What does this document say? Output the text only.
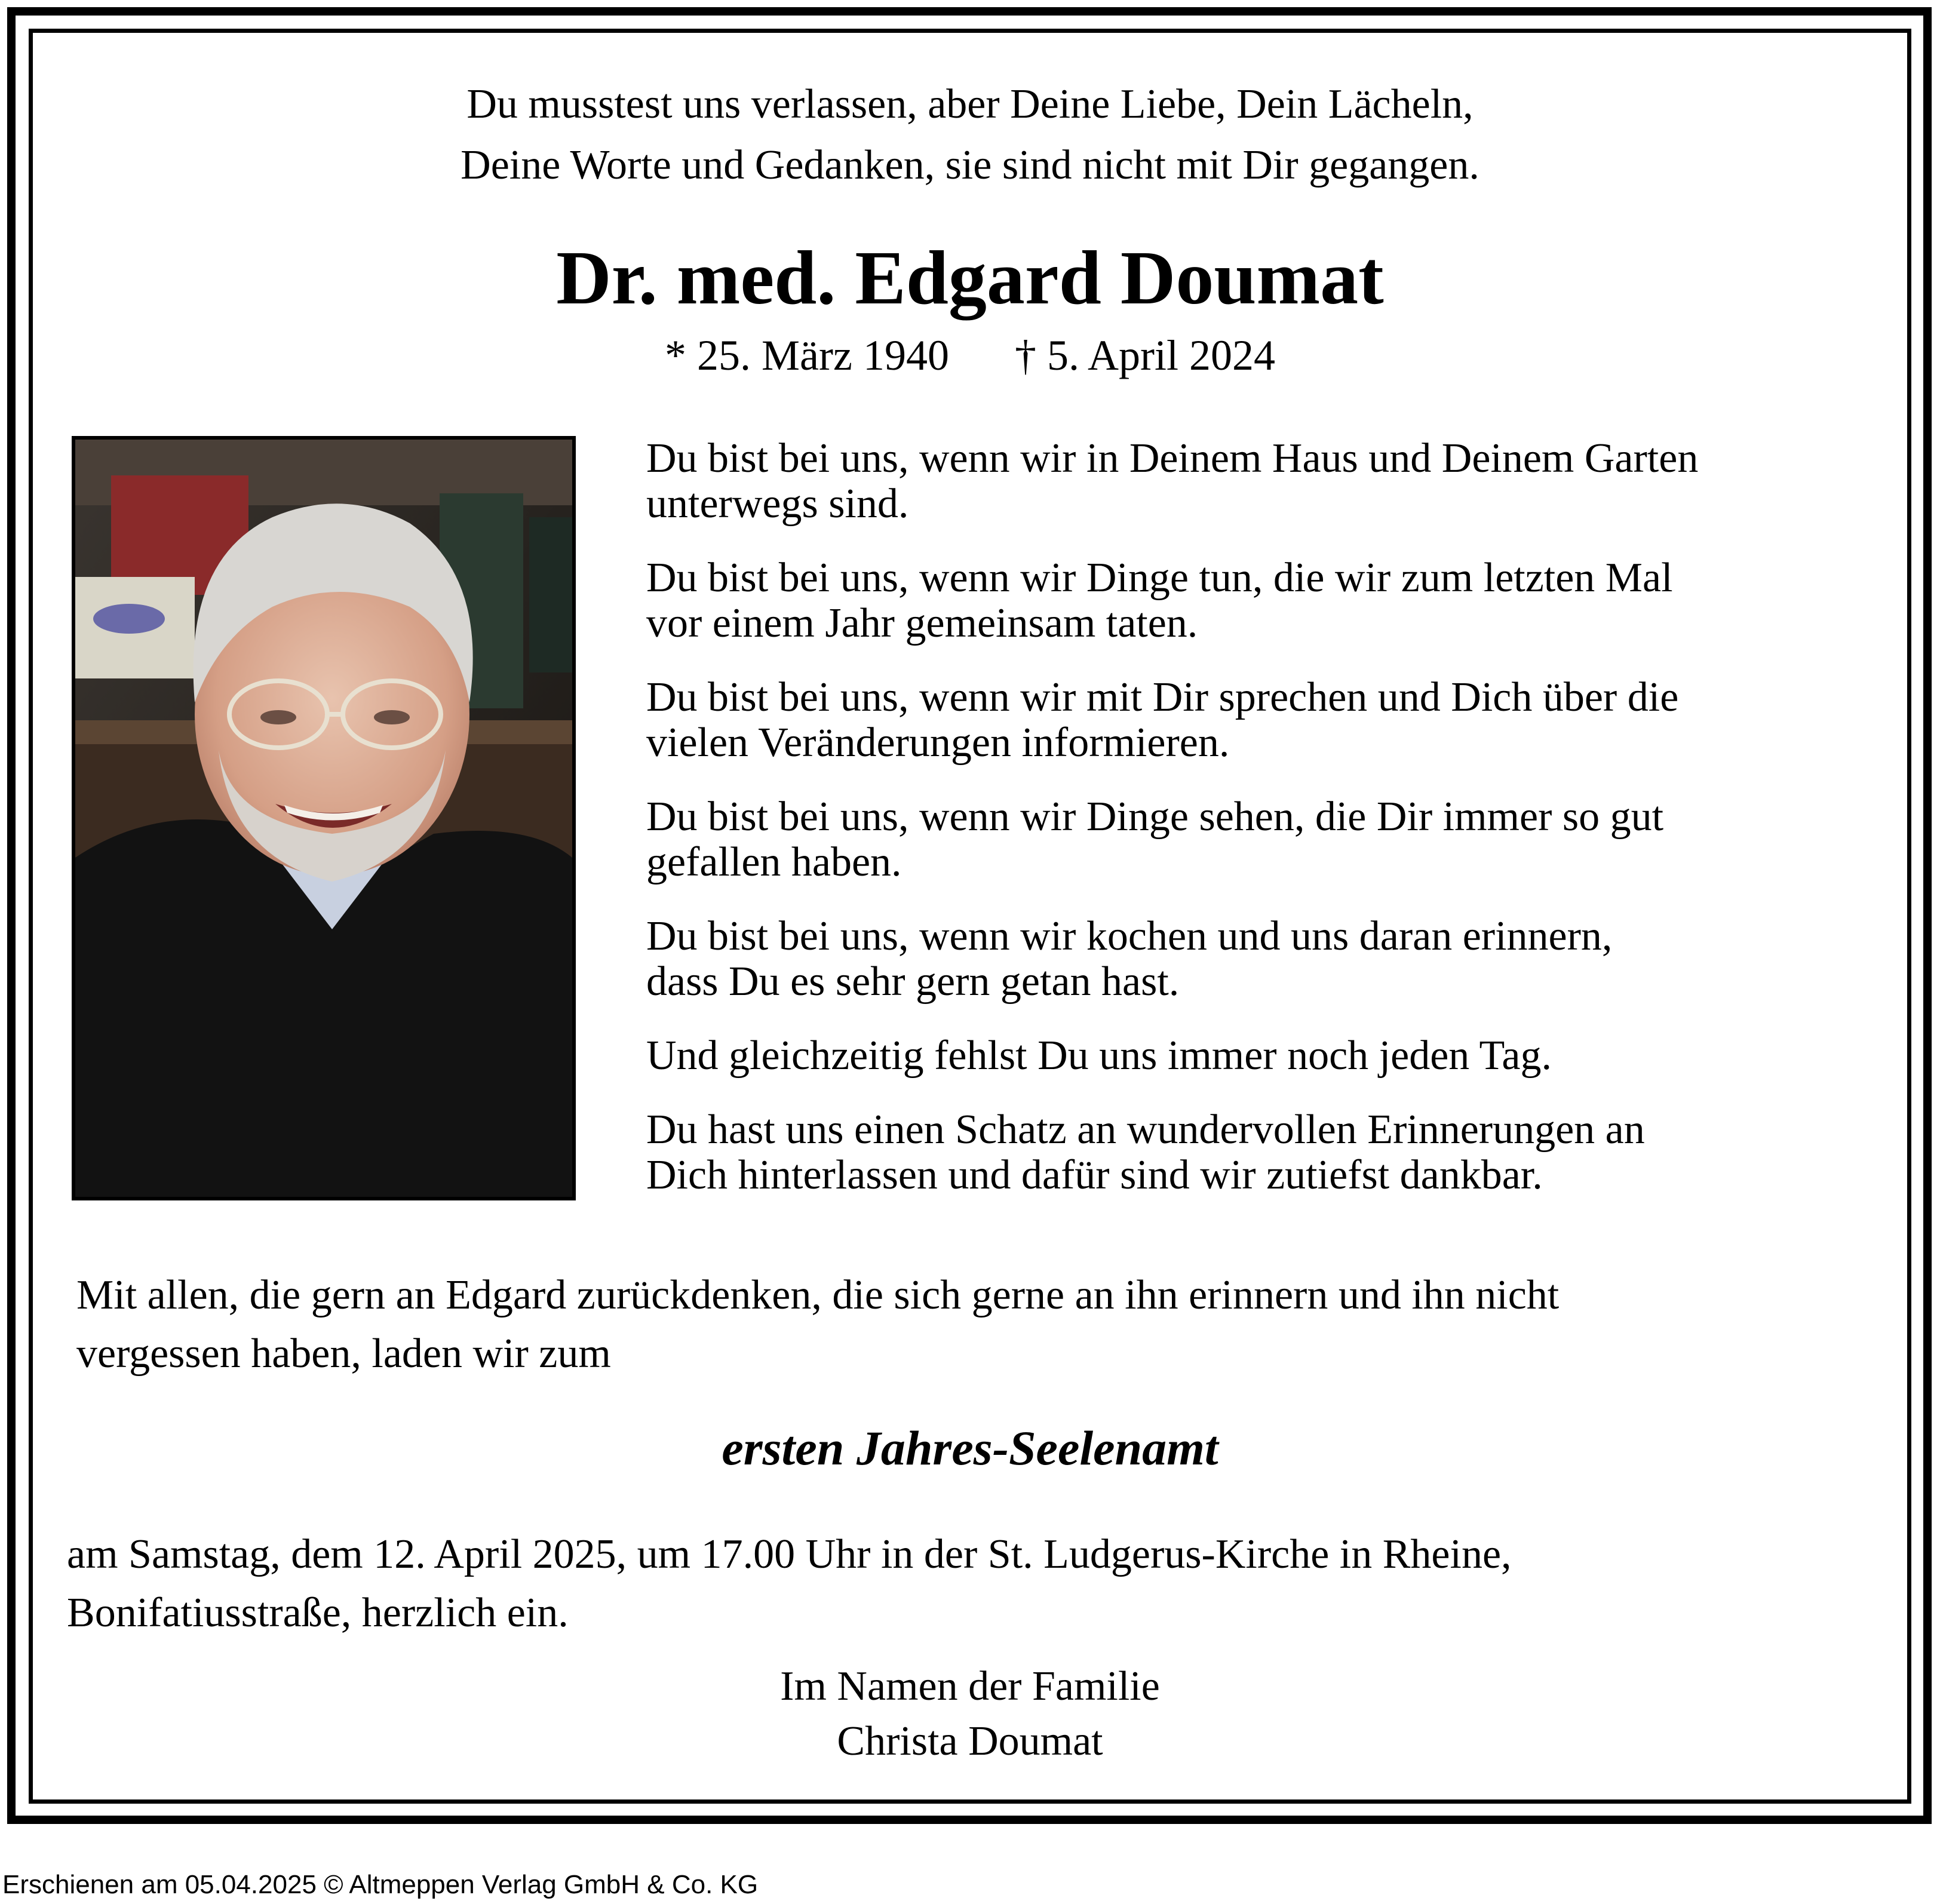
Du musstest uns verlassen, aber Deine Liebe, Dein Lächeln,
Deine Worte und Gedanken, sie sind nicht mit Dir gegangen.
Dr. med. Edgard Doumat
* 25. März 1940 † 5. April 2024

Du bist bei uns, wenn wir in Deinem Haus und Deinem Garten
unterwegs sind.

Du bist bei uns, wenn wir Dinge tun, die wir zum letzten Mal
vor einem Jahr gemeinsam taten.

Du bist bei uns, wenn wir mit Dir sprechen und Dich über die
vielen Veränderungen informieren.

Du bist bei uns, wenn wir Dinge sehen, die Dir immer so gut
gefallen haben.

Du bist bei uns, wenn wir kochen und uns daran erinnern,
dass Du es sehr gern getan hast.

Und gleichzeitig fehlst Du uns immer noch jeden Tag.

Du hast uns einen Schatz an wundervollen Erinnerungen an
Dich hinterlassen und dafür sind wir zutiefst dankbar.

Mit allen, die gern an Edgard zurückdenken, die sich gerne an ihn erinnern und ihn nicht
vergessen haben, laden wir zum
ersten Jahres-Seelenamt
am Samstag, dem 12. April 2025, um 17.00 Uhr in der St. Ludgerus-Kirche in Rheine,
Bonifatiusstraße, herzlich ein.
Im Namen der Familie
Christa Doumat
Erschienen am 05.04.2025 © Altmeppen Verlag GmbH & Co. KG
